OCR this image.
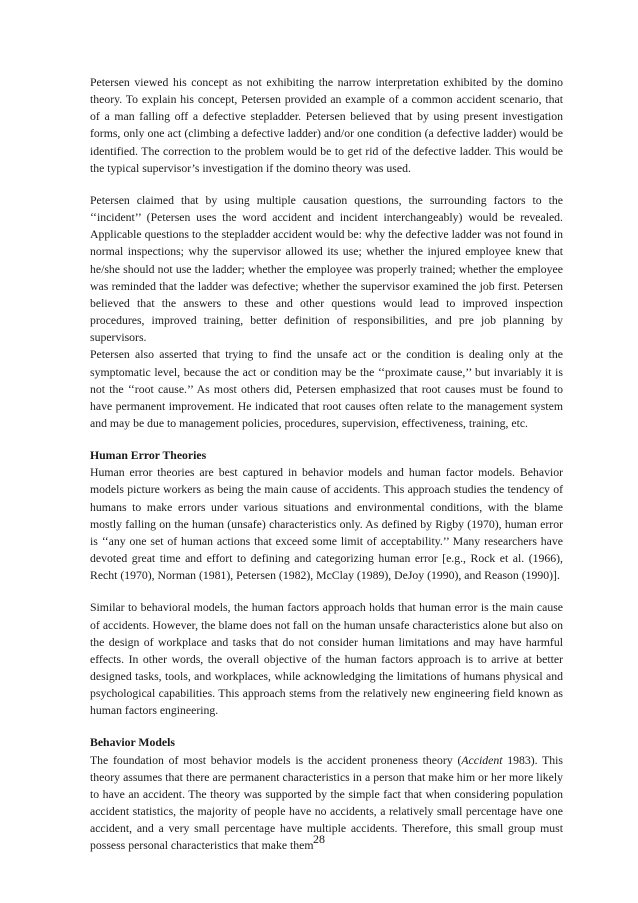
Petersen viewed his concept as not exhibiting the narrow interpretation exhibited by the domino theory. To explain his concept, Petersen provided an example of a common accident scenario, that of a man falling off a defective stepladder. Petersen believed that by using present investigation forms, only one act (climbing a defective ladder) and/or one condition (a defective ladder) would be identified. The correction to the problem would be to get rid of the defective ladder. This would be the typical supervisor’s investigation if the domino theory was used.

Petersen claimed that by using multiple causation questions, the surrounding factors to the ‘‘incident’’ (Petersen uses the word accident and incident interchangeably) would be revealed. Applicable questions to the stepladder accident would be: why the defective ladder was not found in normal inspections; why the supervisor allowed its use; whether the injured employee knew that he/she should not use the ladder; whether the employee was properly trained; whether the employee was reminded that the ladder was defective; whether the supervisor examined the job first. Petersen believed that the answers to these and other questions would lead to improved inspection procedures, improved training, better definition of responsibilities, and pre job planning by supervisors.

Petersen also asserted that trying to find the unsafe act or the condition is dealing only at the symptomatic level, because the act or condition may be the ‘‘proximate cause,’’ but invariably it is not the ‘‘root cause.’’ As most others did, Petersen emphasized that root causes must be found to have permanent improvement. He indicated that root causes often relate to the management system and may be due to management policies, procedures, supervision, effectiveness, training, etc.

Human Error Theories

Human error theories are best captured in behavior models and human factor models. Behavior models picture workers as being the main cause of accidents. This approach studies the tendency of humans to make errors under various situations and environmental conditions, with the blame mostly falling on the human (unsafe) characteristics only. As defined by Rigby (1970), human error is ‘‘any one set of human actions that exceed some limit of acceptability.’’ Many researchers have devoted great time and effort to defining and categorizing human error [e.g., Rock et al. (1966), Recht (1970), Norman (1981), Petersen (1982), McClay (1989), DeJoy (1990), and Reason (1990)].

Similar to behavioral models, the human factors approach holds that human error is the main cause of accidents. However, the blame does not fall on the human unsafe characteristics alone but also on the design of workplace and tasks that do not consider human limitations and may have harmful effects. In other words, the overall objective of the human factors approach is to arrive at better designed tasks, tools, and workplaces, while acknowledging the limitations of humans physical and psychological capabilities. This approach stems from the relatively new engineering field known as human factors engineering.

Behavior Models

The foundation of most behavior models is the accident proneness theory (Accident 1983). This theory assumes that there are permanent characteristics in a person that make him or her more likely to have an accident. The theory was supported by the simple fact that when considering population accident statistics, the majority of people have no accidents, a relatively small percentage have one accident, and a very small percentage have multiple accidents. Therefore, this small group must possess personal characteristics that make them 28
